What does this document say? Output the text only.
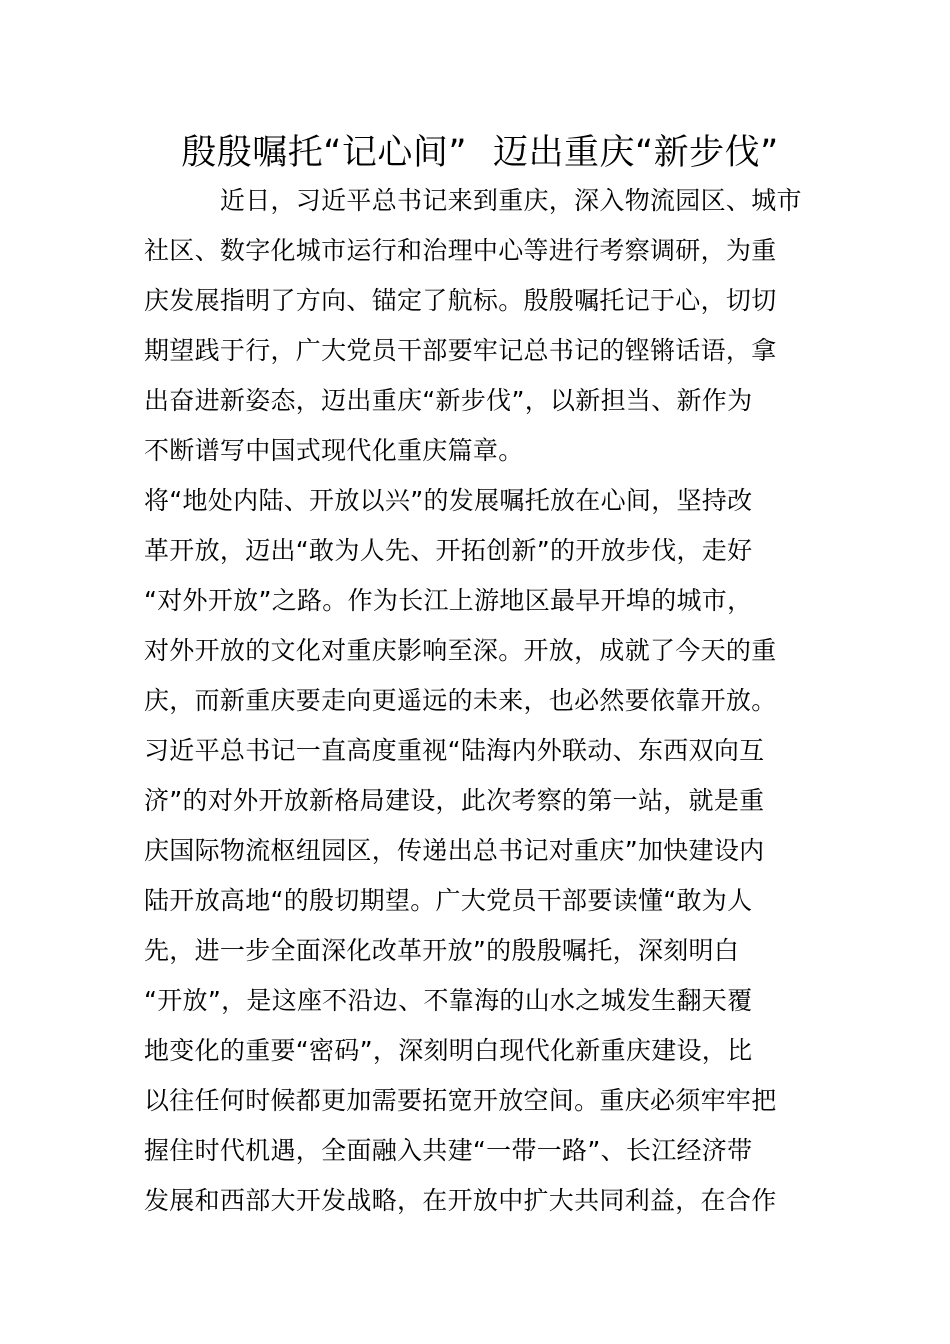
殷殷嘱托“记心间” 迈出重庆“新步伐”
　　　近日，习近平总书记来到重庆，深入物流园区、城市
社区、数字化城市运行和治理中心等进行考察调研，为重
庆发展指明了方向、锚定了航标。殷殷嘱托记于心，切切
期望践于行，广大党员干部要牢记总书记的铿锵话语，拿
出奋进新姿态，迈出重庆“新步伐”，以新担当、新作为
不断谱写中国式现代化重庆篇章。
将“地处内陆、开放以兴”的发展嘱托放在心间，坚持改
革开放，迈出“敢为人先、开拓创新”的开放步伐，走好
“对外开放”之路。作为长江上游地区最早开埠的城市，
对外开放的文化对重庆影响至深。开放，成就了今天的重
庆，而新重庆要走向更遥远的未来，也必然要依靠开放。
习近平总书记一直高度重视“陆海内外联动、东西双向互
济”的对外开放新格局建设，此次考察的第一站，就是重
庆国际物流枢纽园区，传递出总书记对重庆”加快建设内
陆开放高地“的殷切期望。广大党员干部要读懂“敢为人
先，进一步全面深化改革开放”的殷殷嘱托，深刻明白
“开放”，是这座不沿边、不靠海的山水之城发生翻天覆
地变化的重要“密码”，深刻明白现代化新重庆建设，比
以往任何时候都更加需要拓宽开放空间。重庆必须牢牢把
握住时代机遇，全面融入共建“一带一路”、长江经济带
发展和西部大开发战略，在开放中扩大共同利益，在合作
